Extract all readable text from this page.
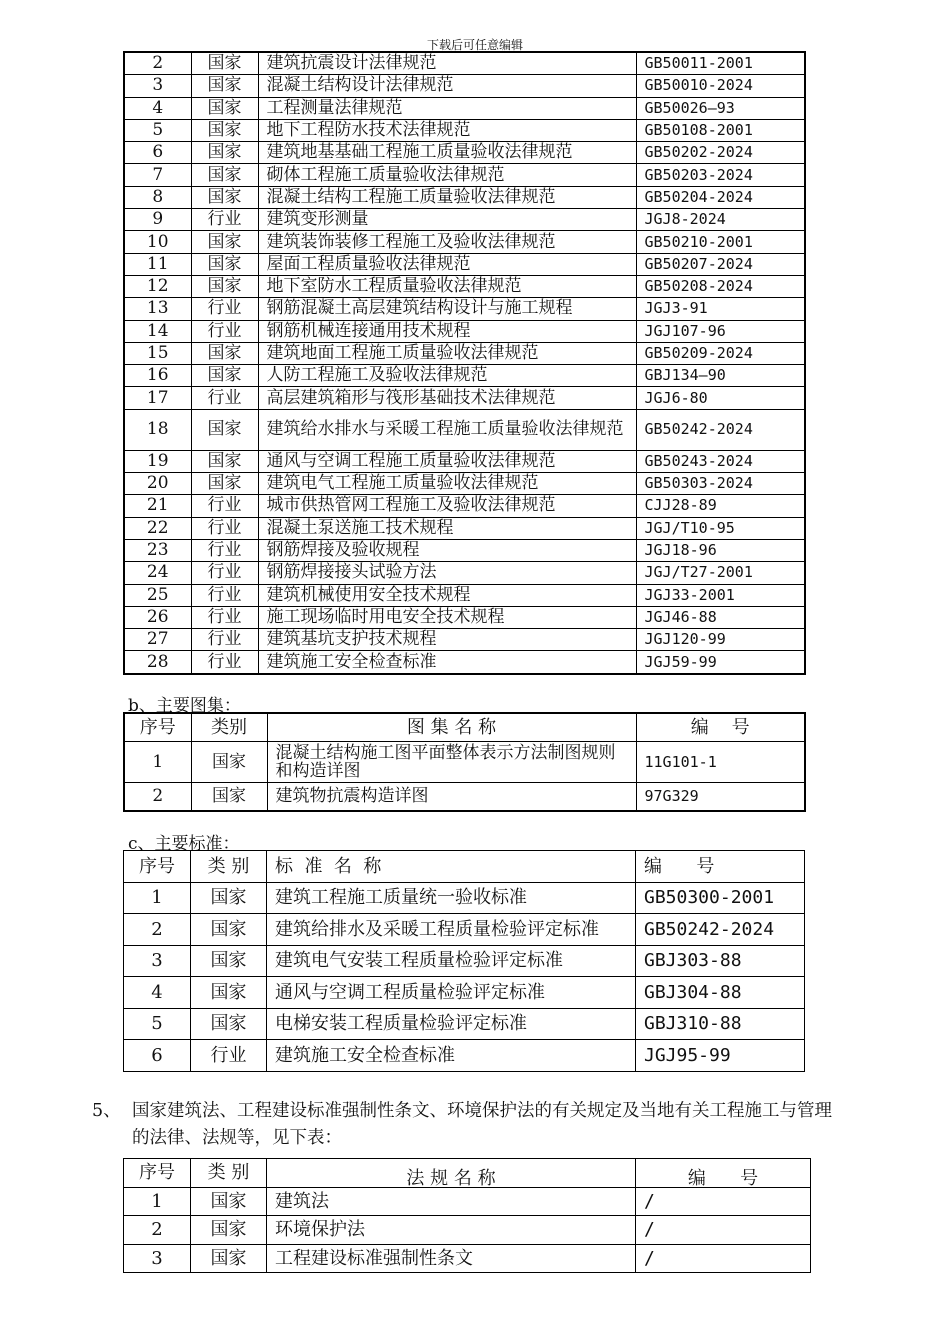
下载后可任意编辑
2	国家	建筑抗震设计法律规范	GB50011-2001
3	国家	混凝土结构设计法律规范	GB50010-2024
4	国家	工程测量法律规范	GB50026—93
5	国家	地下工程防水技术法律规范	GB50108-2001
6	国家	建筑地基基础工程施工质量验收法律规范	GB50202-2024
7	国家	砌体工程施工质量验收法律规范	GB50203-2024
8	国家	混凝土结构工程施工质量验收法律规范	GB50204-2024
9	行业	建筑变形测量	JGJ8-2024
10	国家	建筑装饰装修工程施工及验收法律规范	GB50210-2001
11	国家	屋面工程质量验收法律规范	GB50207-2024
12	国家	地下室防水工程质量验收法律规范	GB50208-2024
13	行业	钢筋混凝土高层建筑结构设计与施工规程	JGJ3-91
14	行业	钢筋机械连接通用技术规程	JGJ107-96
15	国家	建筑地面工程施工质量验收法律规范	GB50209-2024
16	国家	人防工程施工及验收法律规范	GBJ134—90
17	行业	高层建筑箱形与筏形基础技术法律规范	JGJ6-80
18	国家	建筑给水排水与采暖工程施工质量验收法律规范	GB50242-2024
19	国家	通风与空调工程施工质量验收法律规范	GB50243-2024
20	国家	建筑电气工程施工质量验收法律规范	GB50303-2024
21	行业	城市供热管网工程施工及验收法律规范	CJJ28-89
22	行业	混凝土泵送施工技术规程	JGJ/T10-95
23	行业	钢筋焊接及验收规程	JGJ18-96
24	行业	钢筋焊接接头试验方法	JGJ/T27-2001
25	行业	建筑机械使用安全技术规程	JGJ33-2001
26	行业	施工现场临时用电安全技术规程	JGJ46-88
27	行业	建筑基坑支护技术规程	JGJ120-99
28	行业	建筑施工安全检查标准	JGJ59-99
b、主要图集：
序号	类别	图 集 名 称	编    号
1	国家	混凝土结构施工图平面整体表示方法制图规则和构造详图	11G101-1
2	国家	建筑物抗震构造详图	97G329
c、主要标准：
序号	类 别	标  准  名  称	编      号
1	国家	建筑工程施工质量统一验收标准	GB50300-2001
2	国家	建筑给排水及采暖工程质量检验评定标准	GB50242-2024
3	国家	建筑电气安装工程质量检验评定标准	GBJ303-88
4	国家	通风与空调工程质量检验评定标准	GBJ304-88
5	国家	电梯安装工程质量检验评定标准	GBJ310-88
6	行业	建筑施工安全检查标准	JGJ95-99
5、 国家建筑法、工程建设标准强制性条文、环境保护法的有关规定及当地有关工程施工与管理
的法律、法规等，见下表：
序号	类 别	法 规 名 称	编      号
1	国家	建筑法	/
2	国家	环境保护法	/
3	国家	工程建设标准强制性条文	/
